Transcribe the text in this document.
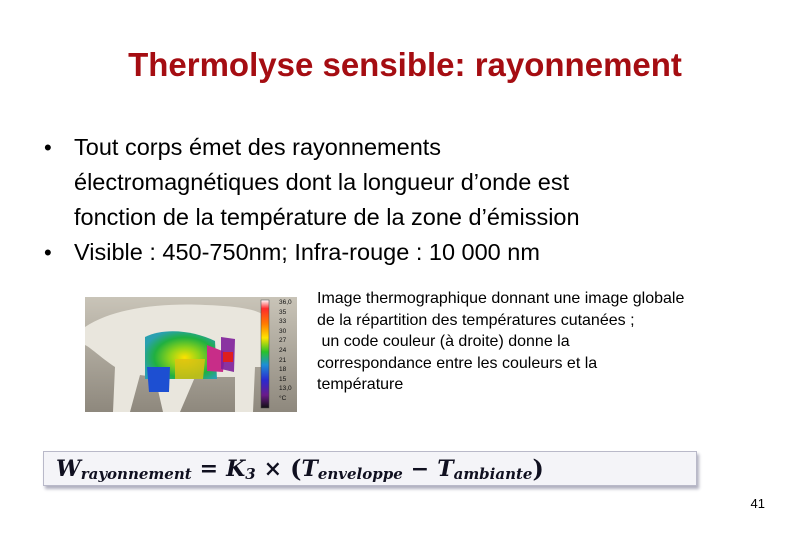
Thermolyse sensible: rayonnement
• Tout corps émet des rayonnements
électromagnétiques dont la longueur d’onde est
fonction de la température de la zone d’émission
• Visible : 450-750nm; Infra-rouge : 10 000 nm
36,0
35
33
30
27
24
21
18
15
13,0
°C
Image thermographique donnant une image globale
de la répartition des températures cutanées ;
un code couleur (à droite) donne la
correspondance entre les couleurs et la
température
W rayonnement = K 3 × ( T enveloppe − T ambiante )
41
